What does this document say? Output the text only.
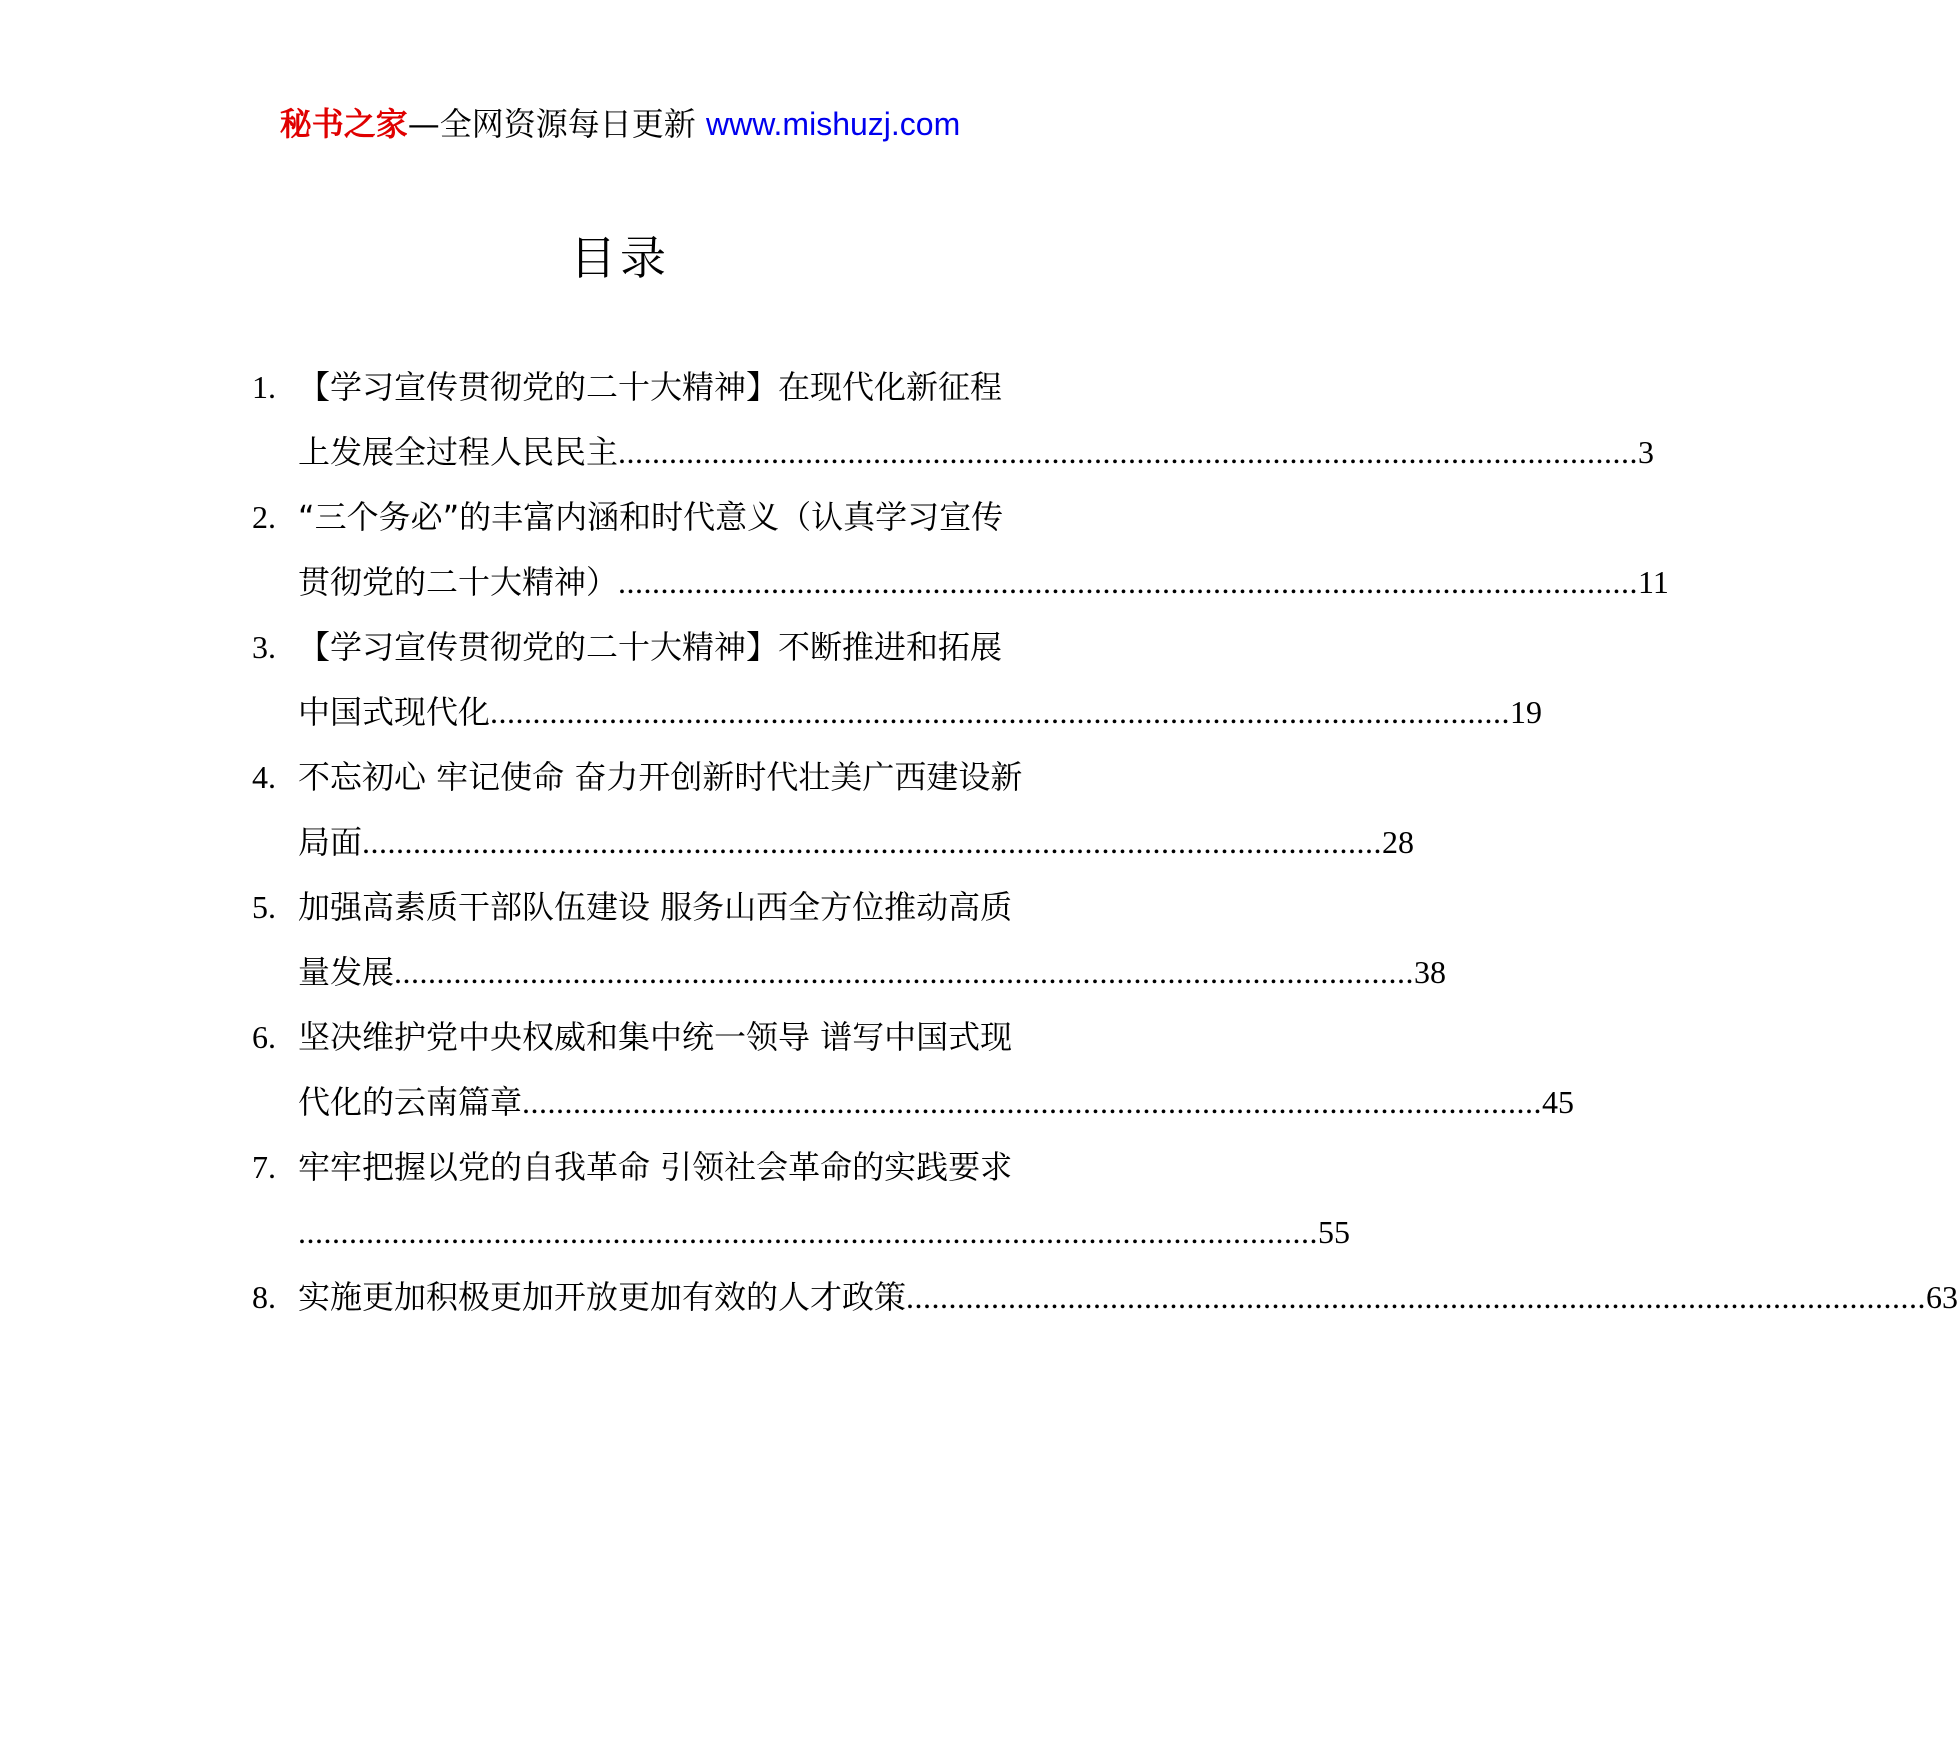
秘书之家—全网资源每日更新 www.mishuzj.com
目录
1. 【学习宣传贯彻党的二十大精神】在现代化新征程
上发展全过程人民民主 ........................................................................................................................ 3
2. “三个务必”的丰富内涵和时代意义（认真学习宣传
贯彻党的二十大精神） ........................................................................................................................ 11
3. 【学习宣传贯彻党的二十大精神】不断推进和拓展
中国式现代化 ........................................................................................................................ 19
4. 不忘初心 牢记使命 奋力开创新时代壮美广西建设新
局面 ........................................................................................................................ 28
5. 加强高素质干部队伍建设 服务山西全方位推动高质
量发展 ........................................................................................................................ 38
6. 坚决维护党中央权威和集中统一领导 谱写中国式现
代化的云南篇章 ........................................................................................................................ 45
7. 牢牢把握以党的自我革命 引领社会革命的实践要求
........................................................................................................................ 55
8. 实施更加积极更加开放更加有效的人才政策 ........................................................................................................................ 63
